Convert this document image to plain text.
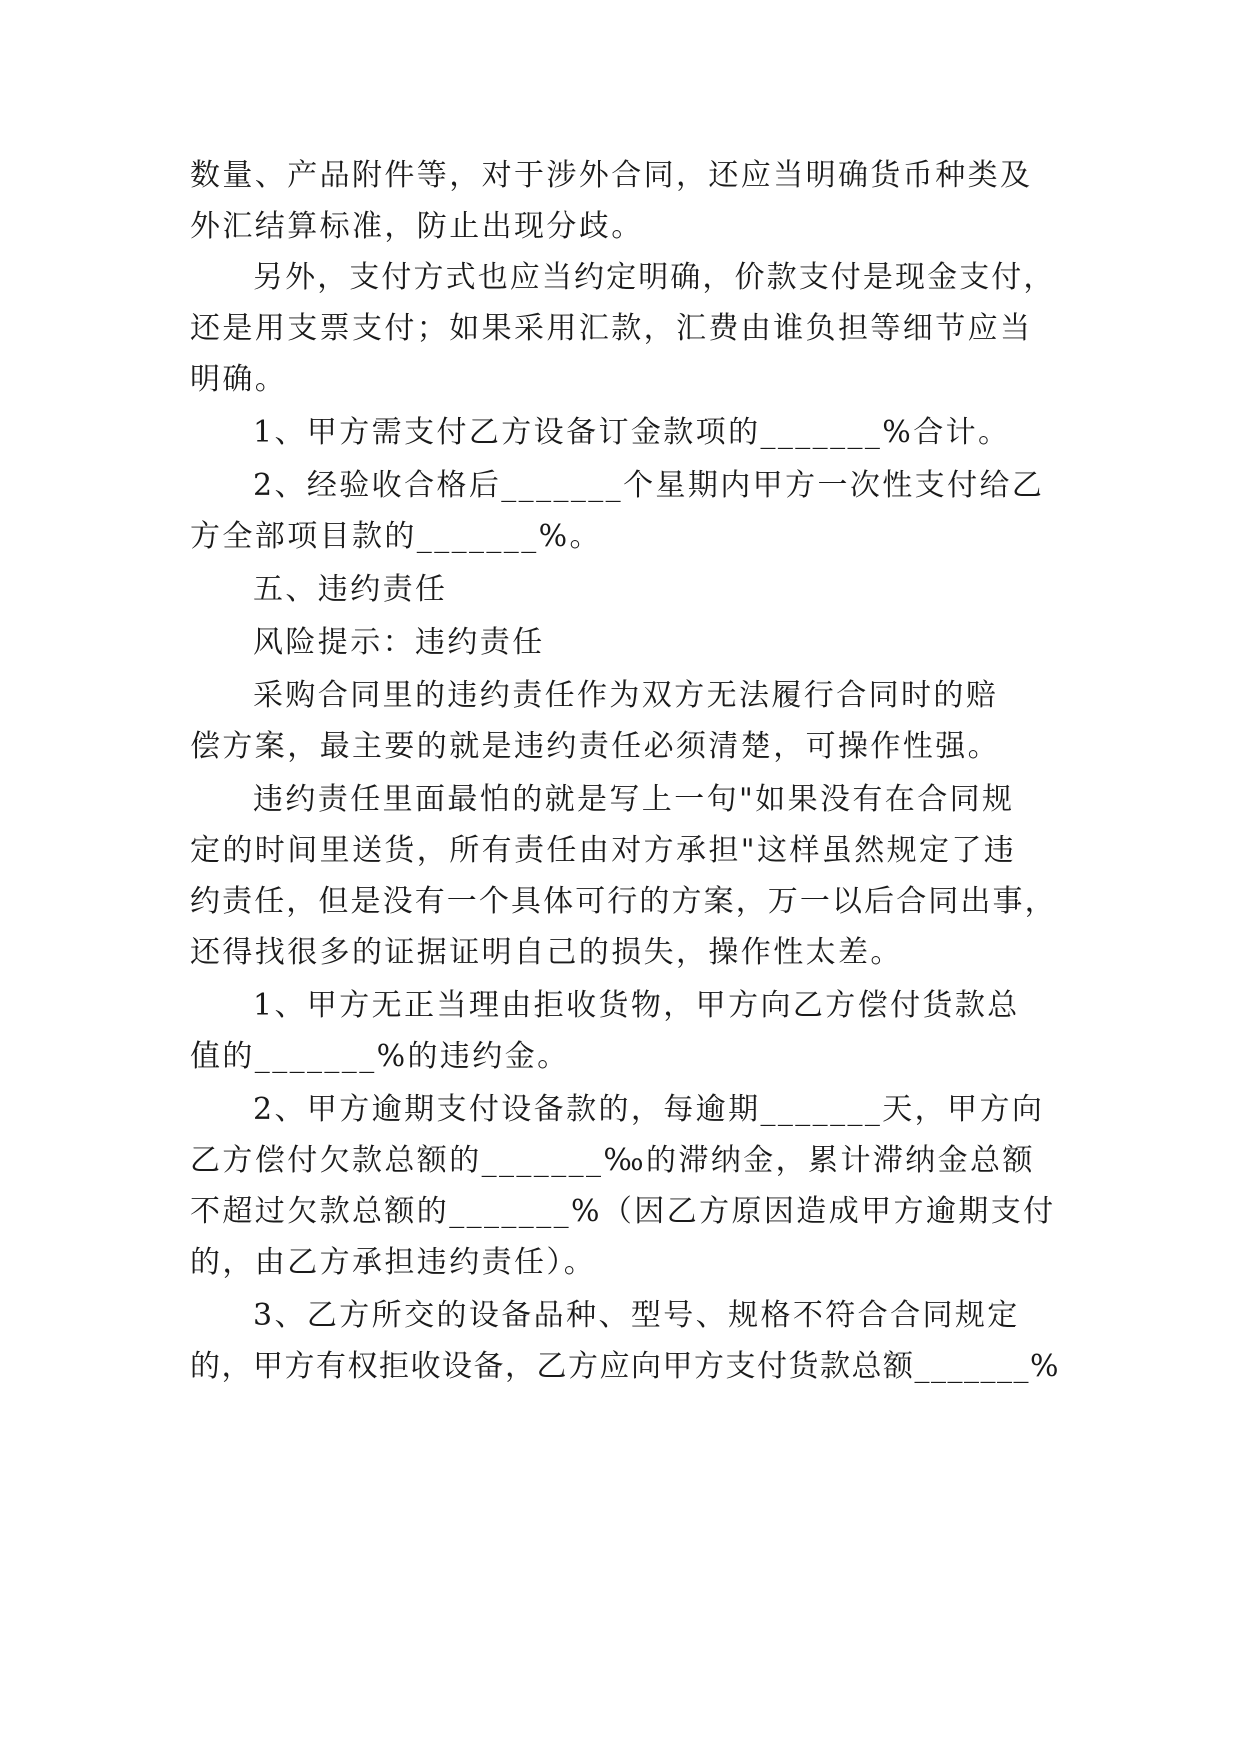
数量、产品附件等，对于涉外合同，还应当明确货币种类及
外汇结算标准，防止出现分歧。
另外，支付方式也应当约定明确，价款支付是现金支付，
还是用支票支付；如果采用汇款，汇费由谁负担等细节应当
明确。
1、甲方需支付乙方设备订金款项的_______%合计。
2、经验收合格后_______个星期内甲方一次性支付给乙
方全部项目款的_______%。
五、违约责任
风险提示：违约责任
采购合同里的违约责任作为双方无法履行合同时的赔
偿方案，最主要的就是违约责任必须清楚，可操作性强。
违约责任里面最怕的就是写上一句"如果没有在合同规
定的时间里送货，所有责任由对方承担"这样虽然规定了违
约责任，但是没有一个具体可行的方案，万一以后合同出事，
还得找很多的证据证明自己的损失，操作性太差。
1、甲方无正当理由拒收货物，甲方向乙方偿付货款总
值的_______%的违约金。
2、甲方逾期支付设备款的，每逾期_______天，甲方向
乙方偿付欠款总额的_______‰的滞纳金，累计滞纳金总额
不超过欠款总额的_______%（因乙方原因造成甲方逾期支付
的，由乙方承担违约责任）。
3、乙方所交的设备品种、型号、规格不符合合同规定
的，甲方有权拒收设备，乙方应向甲方支付货款总额_______%
